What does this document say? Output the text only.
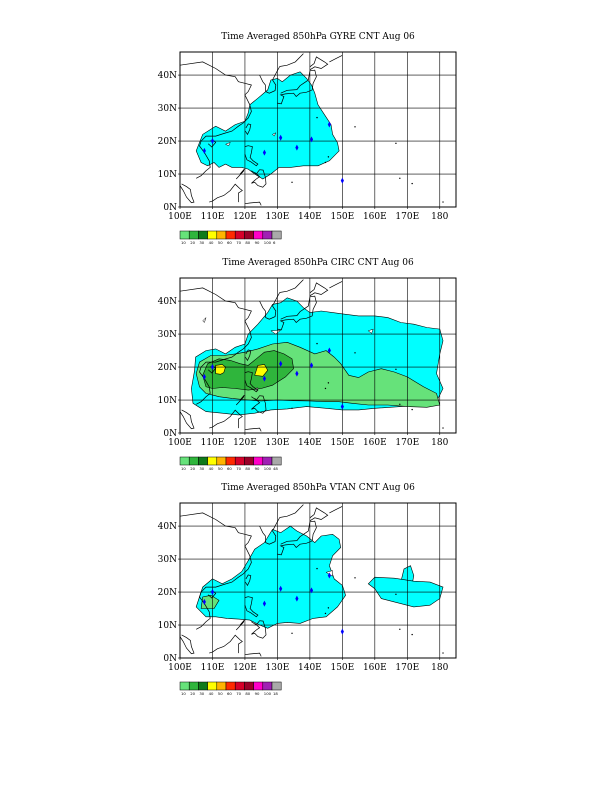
Time Averaged 850hPa GYRE CNT Aug 06
Time Averaged 850hPa CIRC CNT Aug 06
Time Averaged 850hPa VTAN CNT Aug 06
40N
30N
20N
10N
0N
100E 110E 120E 130E 140E 150E 160E 170E 180
10 20 30 40 50 60 70 80 90 100 6
40N
30N
20N
10N
0N
100E 110E 120E 130E 140E 150E 160E 170E 180
10 20 30 40 50 60 70 80 90 100 48
40N
30N
20N
10N
0N
100E 110E 120E 130E 140E 150E 160E 170E 180
10 20 30 40 50 60 70 80 90 100 18
